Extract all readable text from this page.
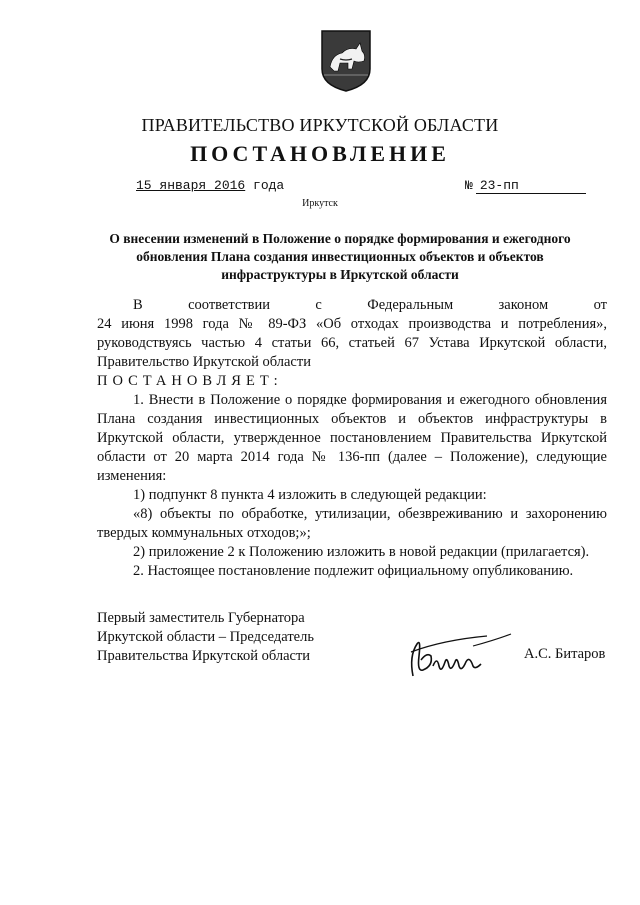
ПРАВИТЕЛЬСТВО ИРКУТСКОЙ ОБЛАСТИ
ПОСТАНОВЛЕНИЕ
15 января 2016 года	№ 23-пп

Иркутск
О внесении изменений в Положение о порядке формирования и ежегодного обновления Плана создания инвестиционных объектов и объектов инфраструктуры в Иркутской области

В соответствии с Федеральным законом от

24 июня 1998 года № 89-ФЗ «Об отходах производства и потребления», руководствуясь частью 4 статьи 66, статьей 67 Устава Иркутской области, Правительство Иркутской области

ПОСТАНОВЛЯЕТ:

1. Внести в Положение о порядке формирования и ежегодного обновления Плана создания инвестиционных объектов и объектов инфраструктуры в Иркутской области, утвержденное постановлением Правительства Иркутской области от 20 марта 2014 года № 136-пп (далее – Положение), следующие изменения:

1) подпункт 8 пункта 4 изложить в следующей редакции:

«8) объекты по обработке, утилизации, обезвреживанию и захоронению твердых коммунальных отходов;»;

2) приложение 2 к Положению изложить в новой редакции (прилагается).

2. Настоящее постановление подлежит официальному опубликованию.

Первый заместитель Губернатора
Иркутской области – Председатель
Правительства Иркутской области	А.С. Битаров
